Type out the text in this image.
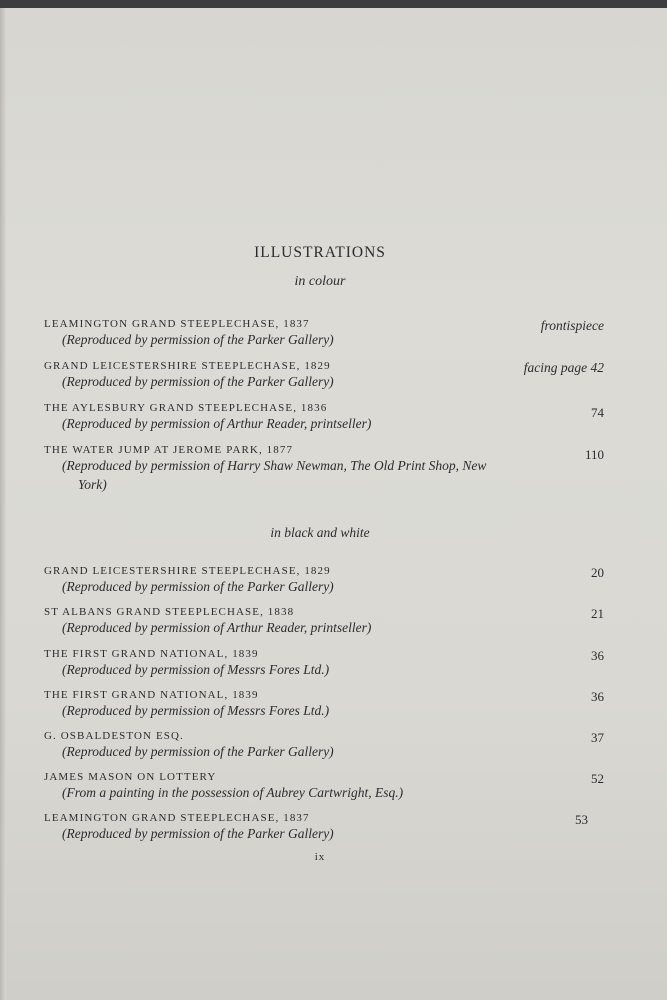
ILLUSTRATIONS
in colour
LEAMINGTON GRAND STEEPLECHASE, 1837
(Reproduced by permission of the Parker Gallery)
frontispiece
GRAND LEICESTERSHIRE STEEPLECHASE, 1829
(Reproduced by permission of the Parker Gallery)
facing page 42
THE AYLESBURY GRAND STEEPLECHASE, 1836
(Reproduced by permission of Arthur Reader, printseller)
74
THE WATER JUMP AT JEROME PARK, 1877
(Reproduced by permission of Harry Shaw Newman, The Old Print Shop, New
York)
110
in black and white
GRAND LEICESTERSHIRE STEEPLECHASE, 1829
(Reproduced by permission of the Parker Gallery)
20
ST ALBANS GRAND STEEPLECHASE, 1838
(Reproduced by permission of Arthur Reader, printseller)
21
THE FIRST GRAND NATIONAL, 1839
(Reproduced by permission of Messrs Fores Ltd.)
36
THE FIRST GRAND NATIONAL, 1839
(Reproduced by permission of Messrs Fores Ltd.)
36
G. OSBALDESTON ESQ.
(Reproduced by permission of the Parker Gallery)
37
JAMES MASON ON LOTTERY
(From a painting in the possession of Aubrey Cartwright, Esq.)
52
LEAMINGTON GRAND STEEPLECHASE, 1837
(Reproduced by permission of the Parker Gallery)
53
ix
